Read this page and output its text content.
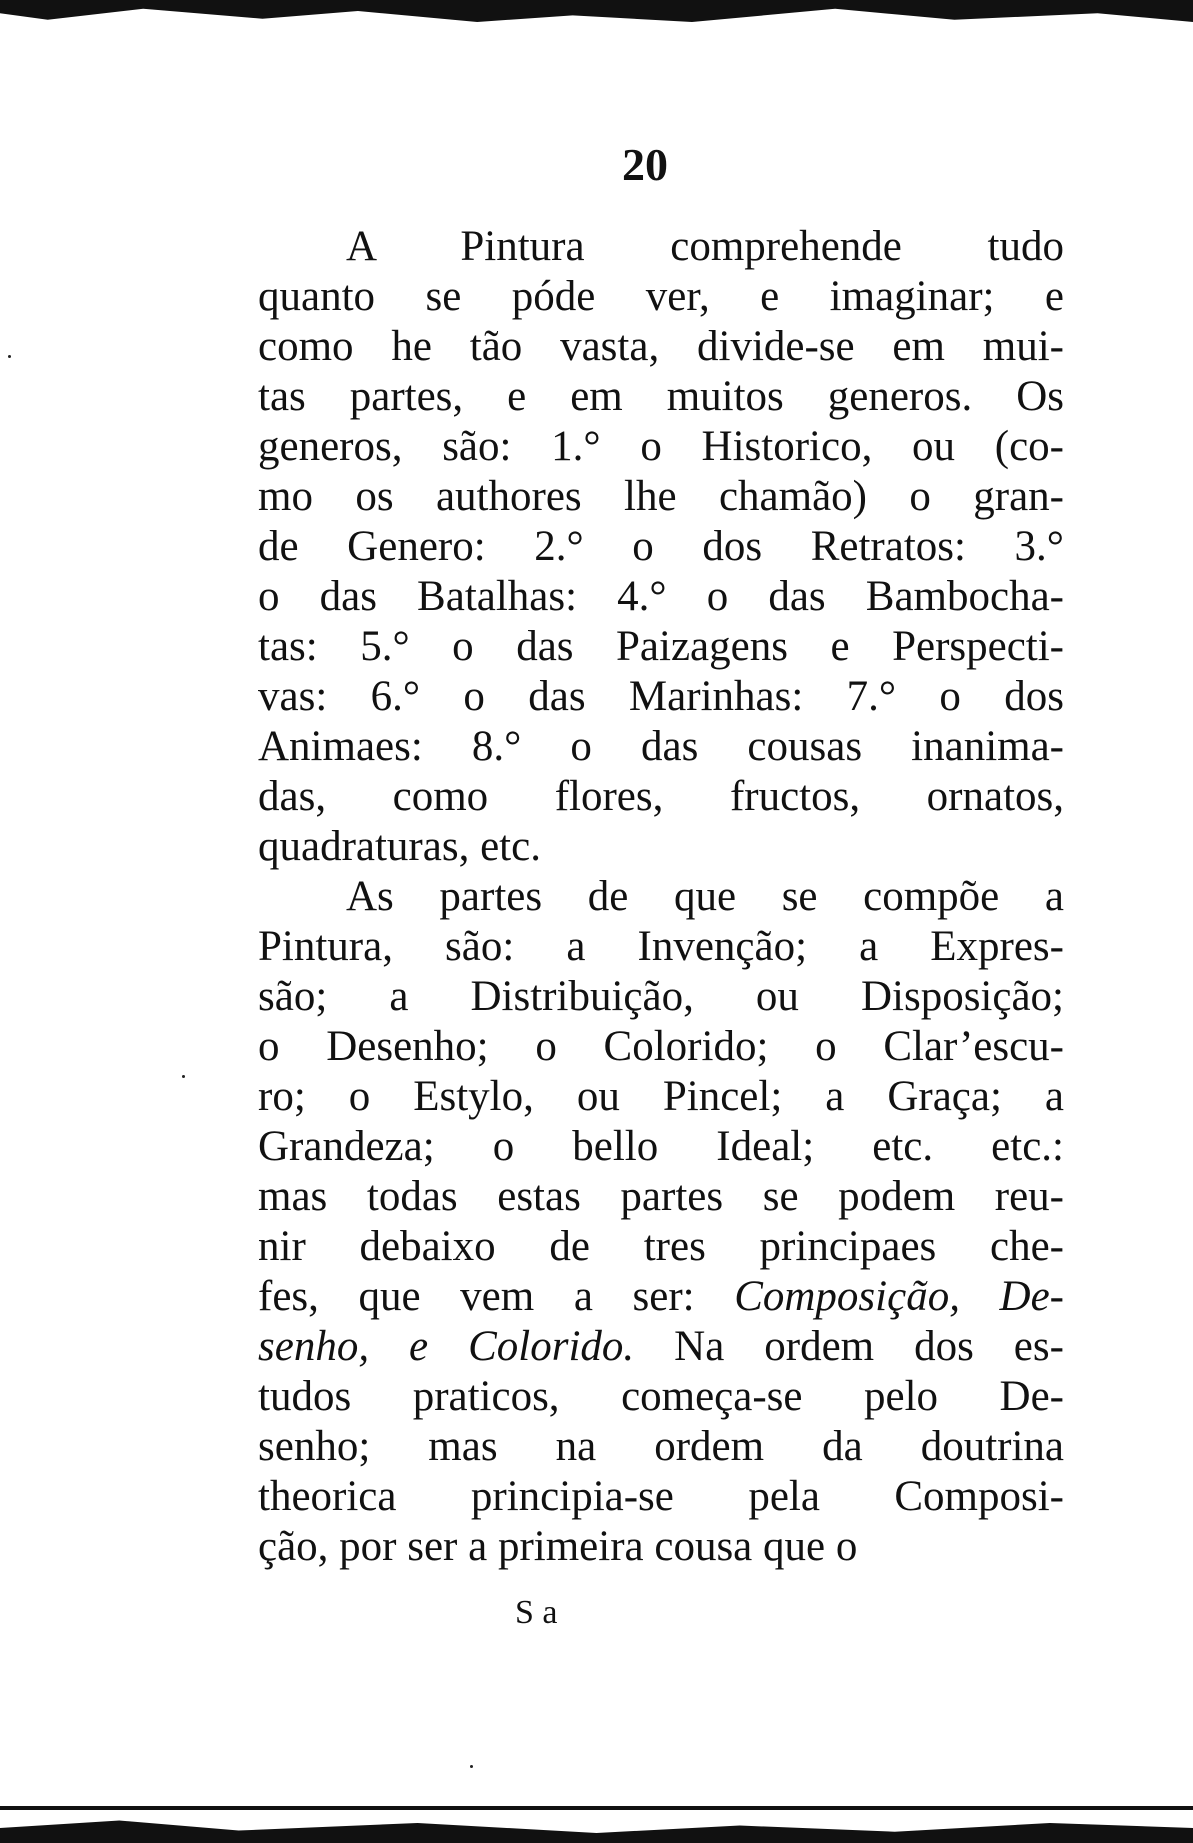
20
A Pintura comprehende tudo
quanto se póde ver, e imaginar; e
como he tão vasta, divide-se em mui-
tas partes, e em muitos generos. Os
generos, são: 1.° o Historico, ou (co-
mo os authores lhe chamão) o gran-
de Genero: 2.° o dos Retratos: 3.°
o das Batalhas: 4.° o das Bambocha-
tas: 5.° o das Paizagens e Perspecti-
vas: 6.° o das Marinhas: 7.° o dos
Animaes: 8.° o das cousas inanima-
das, como flores, fructos, ornatos,
quadraturas, etc.
As partes de que se compõe a
Pintura, são: a Invenção; a Expres-
são; a Distribuição, ou Disposição;
o Desenho; o Colorido; o Clar’escu-
ro; o Estylo, ou Pincel; a Graça; a
Grandeza; o bello Ideal; etc. etc.:
mas todas estas partes se podem reu-
nir debaixo de tres principaes che-
fes, que vem a ser: Composição, De-
senho, e Colorido. Na ordem dos es-
tudos praticos, começa-se pelo De-
senho; mas na ordem da doutrina
theorica principia-se pela Composi-
ção, por ser a primeira cousa que o
S a
